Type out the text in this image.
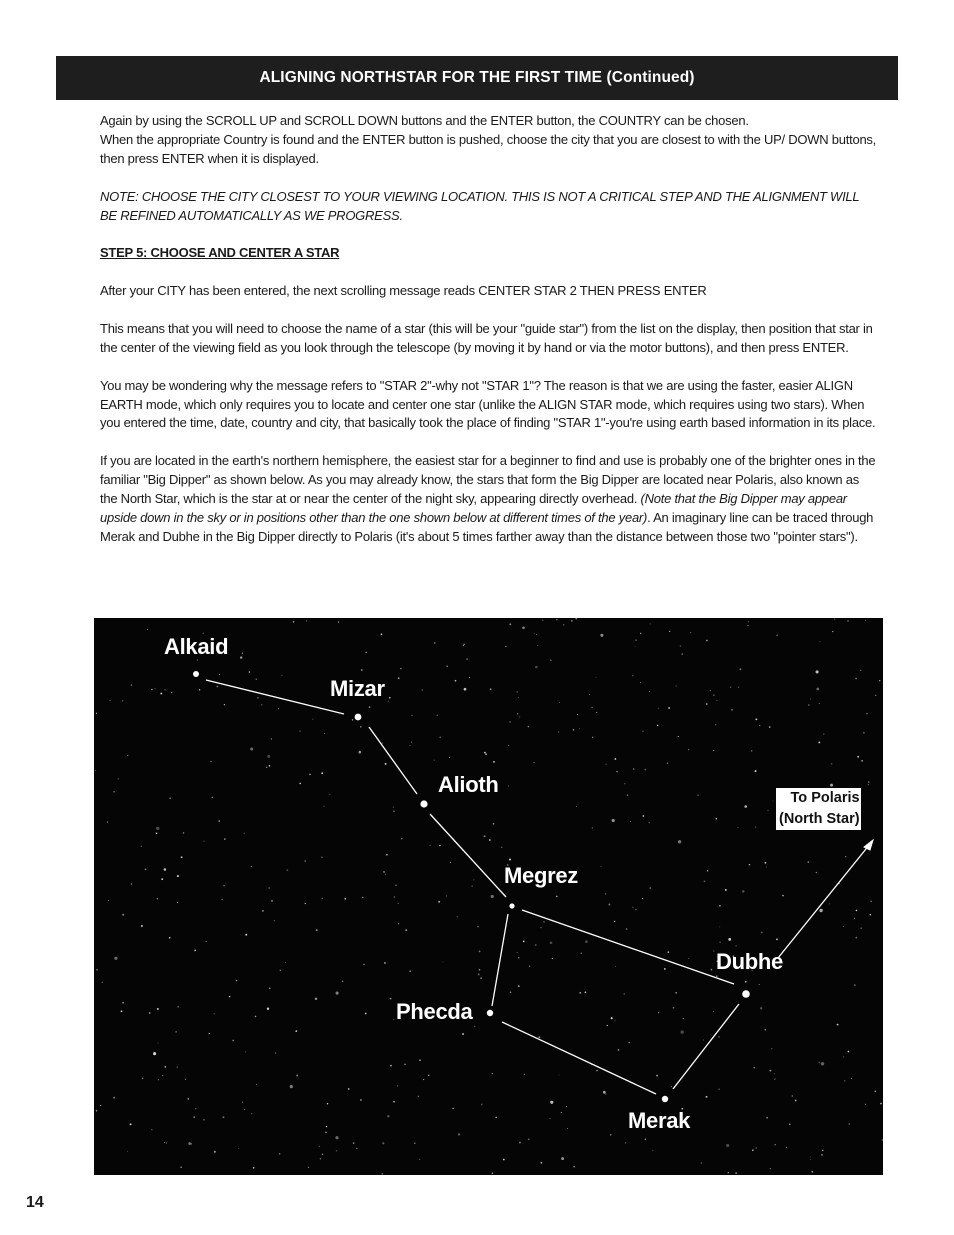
ALIGNING NORTHSTAR FOR THE FIRST TIME (Continued)

Again by using the SCROLL UP and SCROLL DOWN buttons and the ENTER button, the COUNTRY can be chosen.
When the appropriate Country is found and the ENTER button is pushed, choose the city that you are closest to with the UP/ DOWN buttons, then press ENTER when it is displayed.

NOTE: CHOOSE THE CITY CLOSEST TO YOUR VIEWING LOCATION. THIS IS NOT A CRITICAL STEP AND THE ALIGNMENT WILL BE REFINED AUTOMATICALLY AS WE PROGRESS.

STEP 5: CHOOSE AND CENTER A STAR

After your CITY has been entered, the next scrolling message reads CENTER STAR 2 THEN PRESS ENTER

This means that you will need to choose the name of a star (this will be your "guide star") from the list on the display, then position that star in the center of the viewing field as you look through the telescope (by moving it by hand or via the motor buttons), and then press ENTER.

You may be wondering why the message refers to "STAR 2"-why not "STAR 1"? The reason is that we are using the faster, easier ALIGN EARTH mode, which only requires you to locate and center one star (unlike the ALIGN STAR mode, which requires using two stars). When you entered the time, date, country and city, that basically took the place of finding "STAR 1"-you're using earth based information in its place.

If you are located in the earth's northern hemisphere, the easiest star for a beginner to find and use is probably one of the brighter ones in the familiar "Big Dipper" as shown below. As you may already know, the stars that form the Big Dipper are located near Polaris, also known as the North Star, which is the star at or near the center of the night sky, appearing directly overhead. (Note that the Big Dipper may appear upside down in the sky or in positions other than the one shown below at different times of the year). An imaginary line can be traced through Merak and Dubhe in the Big Dipper directly to Polaris (it's about 5 times farther away than the distance between those two "pointer stars").

Alkaid
Mizar
Alioth
Megrez
Phecda
Dubhe
Merak
To Polaris
(North Star)
14
